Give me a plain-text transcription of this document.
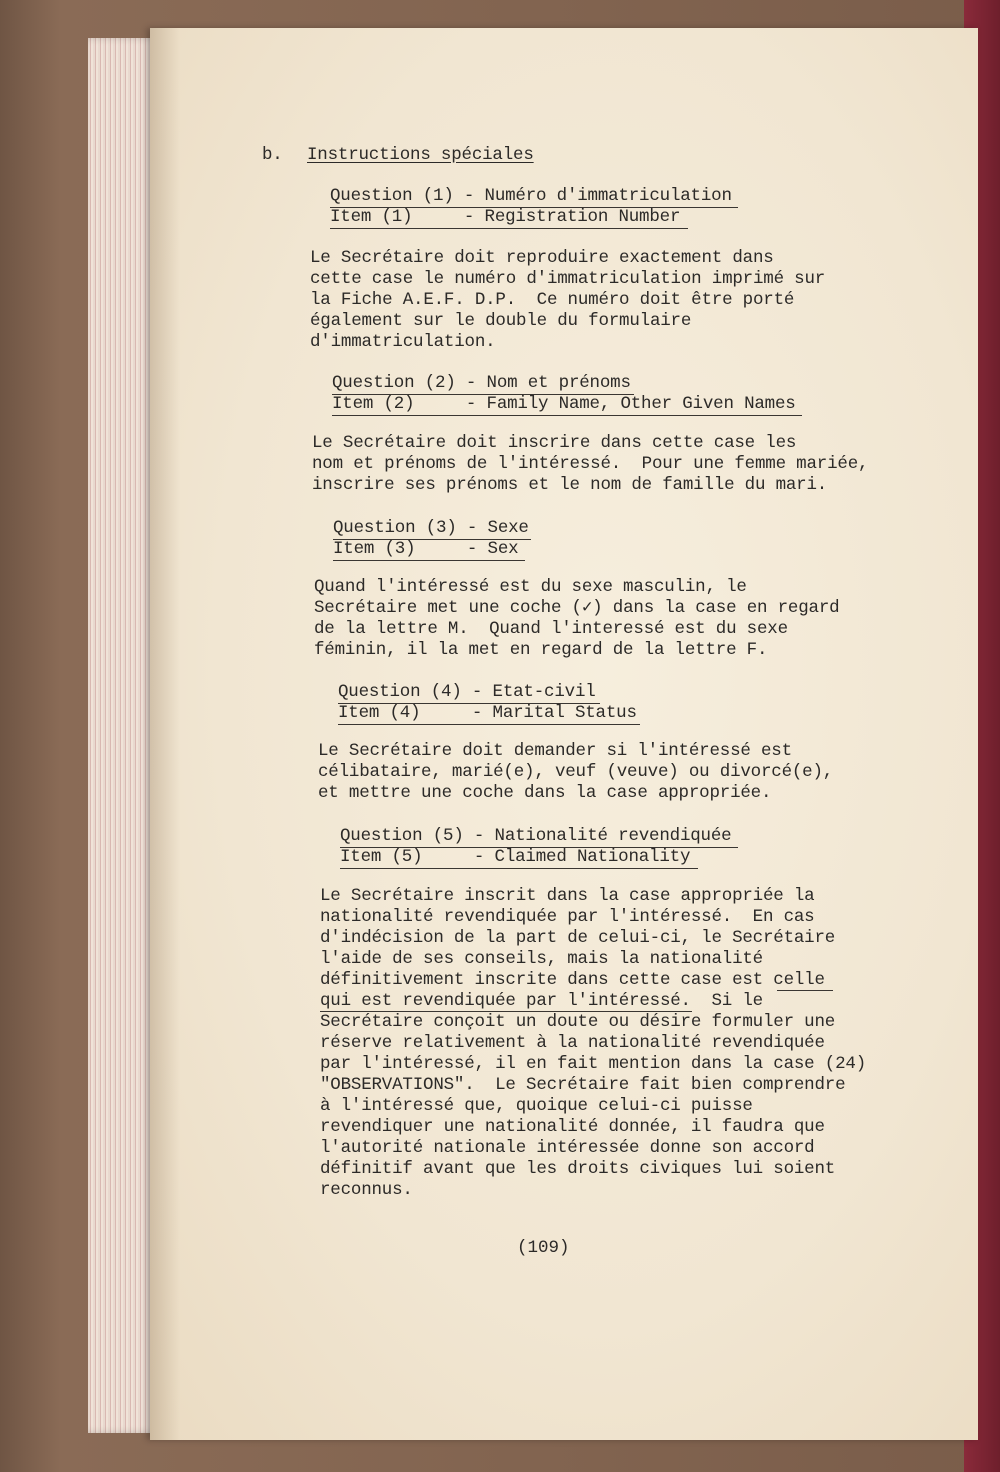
b. Instructions spéciales
Question (1) - Numéro d'immatriculation
Item (1)     - Registration Number
Le Secrétaire doit reproduire exactement dans
cette case le numéro d'immatriculation imprimé sur
la Fiche A.E.F. D.P.  Ce numéro doit être porté
également sur le double du formulaire
d'immatriculation.
Question (2) - Nom et prénoms
Item (2)     - Family Name, Other Given Names
Le Secrétaire doit inscrire dans cette case les
nom et prénoms de l'intéressé.  Pour une femme mariée,
inscrire ses prénoms et le nom de famille du mari.
Question (3) - Sexe
Item (3)     - Sex
Quand l'intéressé est du sexe masculin, le
Secrétaire met une coche (✓) dans la case en regard
de la lettre M.  Quand l'interessé est du sexe
féminin, il la met en regard de la lettre F.
Question (4) - Etat-civil
Item (4)     - Marital Status
Le Secrétaire doit demander si l'intéressé est
célibataire, marié(e), veuf (veuve) ou divorcé(e),
et mettre une coche dans la case appropriée.
Question (5) - Nationalité revendiquée
Item (5)     - Claimed Nationality
Le Secrétaire inscrit dans la case appropriée la
nationalité revendiquée par l'intéressé.  En cas
d'indécision de la part de celui-ci, le Secrétaire
l'aide de ses conseils, mais la nationalité
définitivement inscrite dans cette case est celle
qui est revendiquée par l'intéressé.  Si le
Secrétaire conçoit un doute ou désire formuler une
réserve relativement à la nationalité revendiquée
par l'intéressé, il en fait mention dans la case (24)
"OBSERVATIONS".  Le Secrétaire fait bien comprendre
à l'intéressé que, quoique celui-ci puisse
revendiquer une nationalité donnée, il faudra que
l'autorité nationale intéressée donne son accord
définitif avant que les droits civiques lui soient
reconnus.
(109)
